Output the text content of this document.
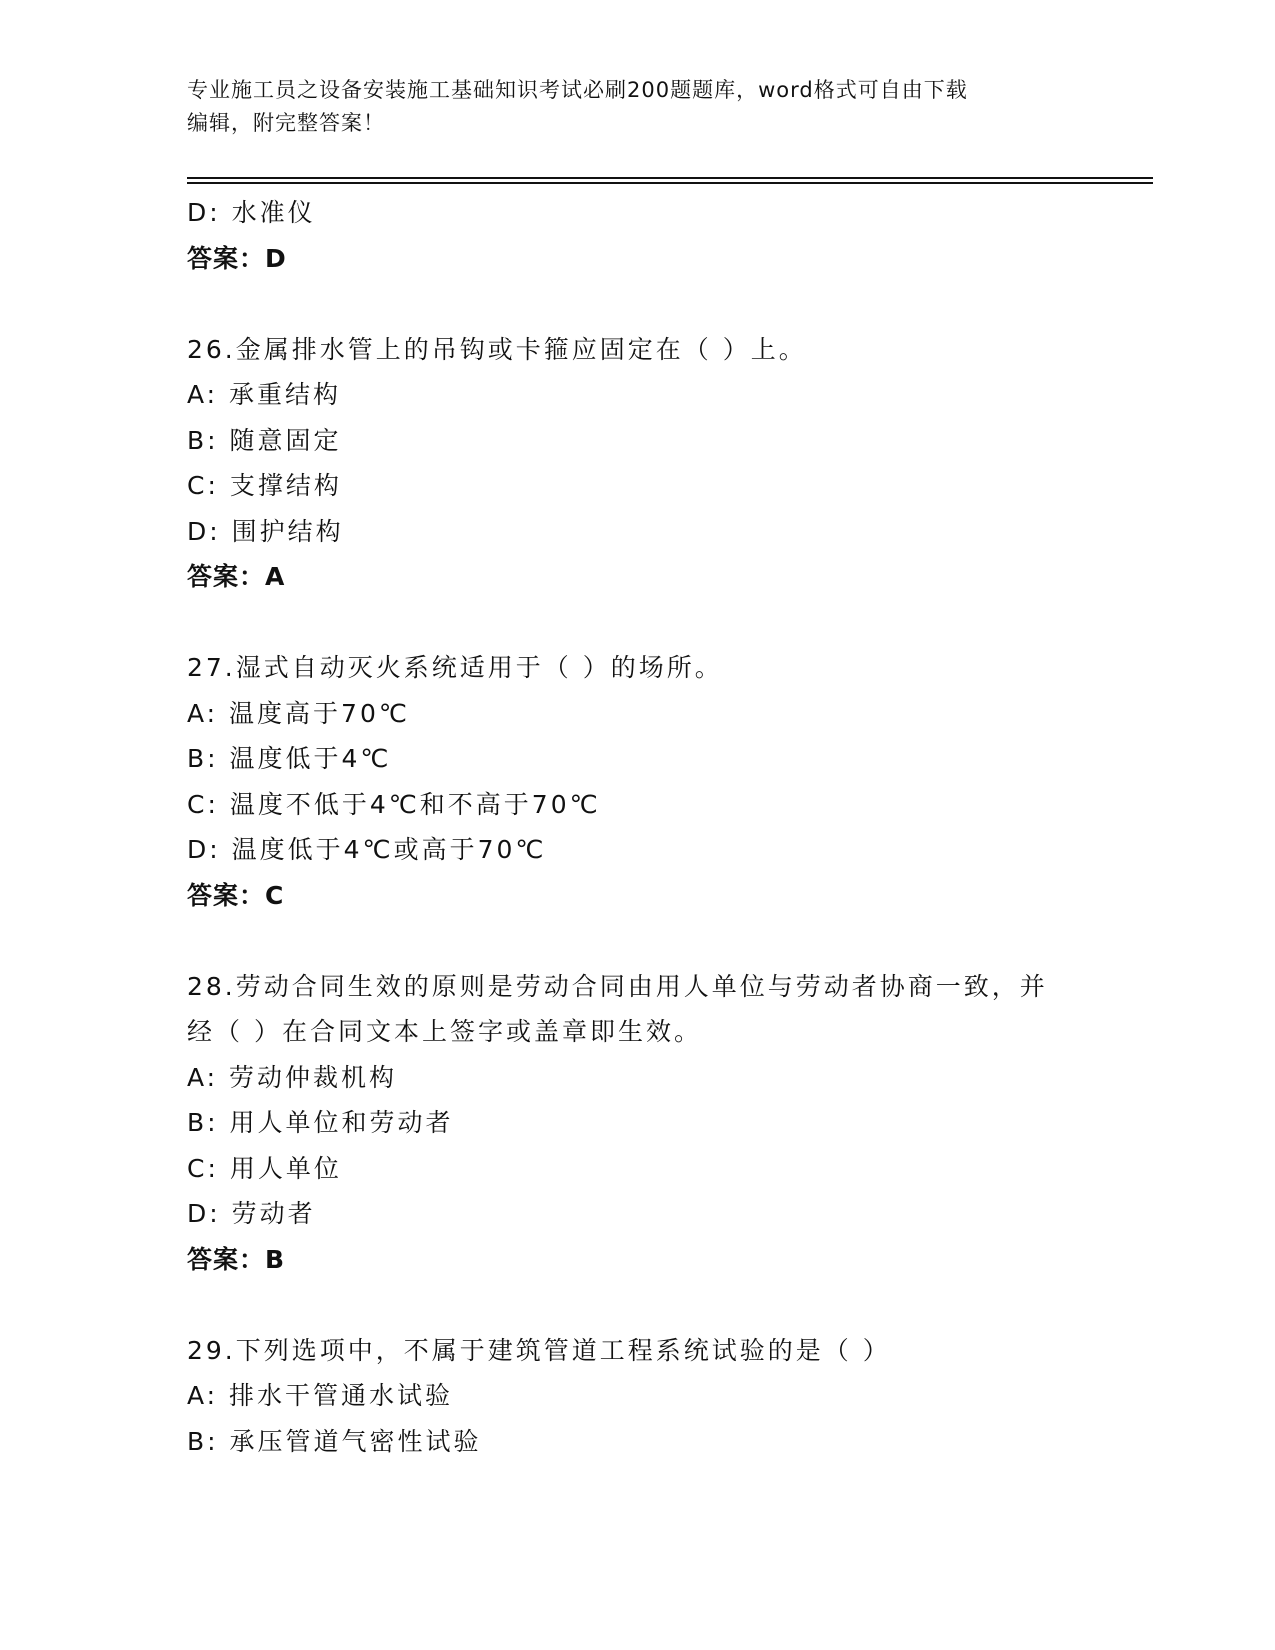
专业施工员之设备安装施工基础知识考试必刷200题题库，word格式可自由下载
编辑，附完整答案！
D: 水准仪
答案：D
26.金属排水管上的吊钩或卡箍应固定在（ ）上。
A: 承重结构
B: 随意固定
C: 支撑结构
D: 围护结构
答案：A
27.湿式自动灭火系统适用于（ ）的场所。
A: 温度高于70℃
B: 温度低于4℃
C: 温度不低于4℃和不高于70℃
D: 温度低于4℃或高于70℃
答案：C
28.劳动合同生效的原则是劳动合同由用人单位与劳动者协商一致，并
经（ ）在合同文本上签字或盖章即生效。
A: 劳动仲裁机构
B: 用人单位和劳动者
C: 用人单位
D: 劳动者
答案：B
29.下列选项中，不属于建筑管道工程系统试验的是（ ）
A: 排水干管通水试验
B: 承压管道气密性试验
